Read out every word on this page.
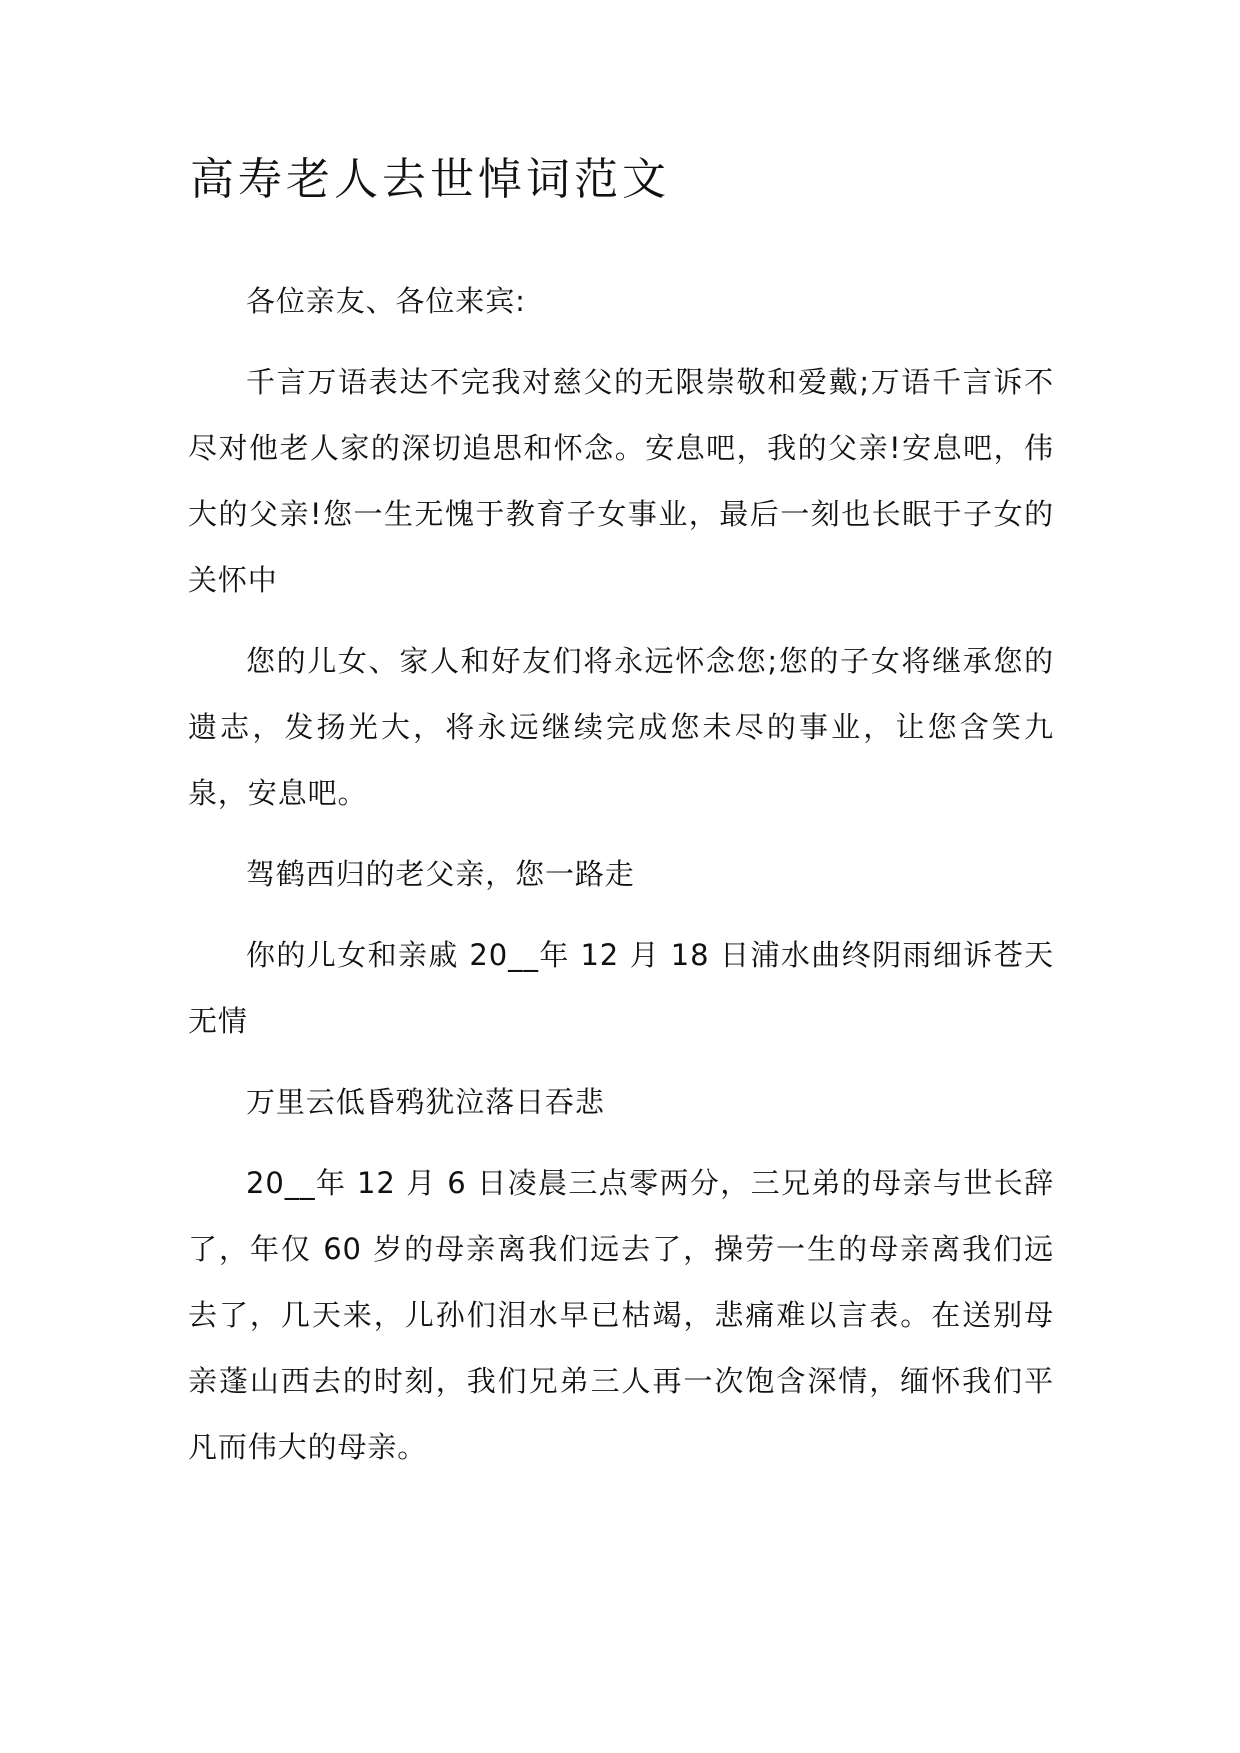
高寿老人去世悼词范文

各位亲友、各位来宾:

千言万语表达不完我对慈父的无限崇敬和爱戴;万语千言诉不尽对他老人家的深切追思和怀念。安息吧，我的父亲!安息吧，伟大的父亲!您一生无愧于教育子女事业，最后一刻也长眠于子女的关怀中

您的儿女、家人和好友们将永远怀念您;您的子女将继承您的遗志，发扬光大，将永远继续完成您未尽的事业，让您含笑九泉，安息吧。

驾鹤西归的老父亲，您一路走

你的儿女和亲戚 20__年 12 月 18 日浦水曲终阴雨细诉苍天无情

万里云低昏鸦犹泣落日吞悲

20__年 12 月 6 日凌晨三点零两分，三兄弟的母亲与世长辞了，年仅 60 岁的母亲离我们远去了，操劳一生的母亲离我们远去了，几天来，儿孙们泪水早已枯竭，悲痛难以言表。在送别母亲蓬山西去的时刻，我们兄弟三人再一次饱含深情，缅怀我们平凡而伟大的母亲。
